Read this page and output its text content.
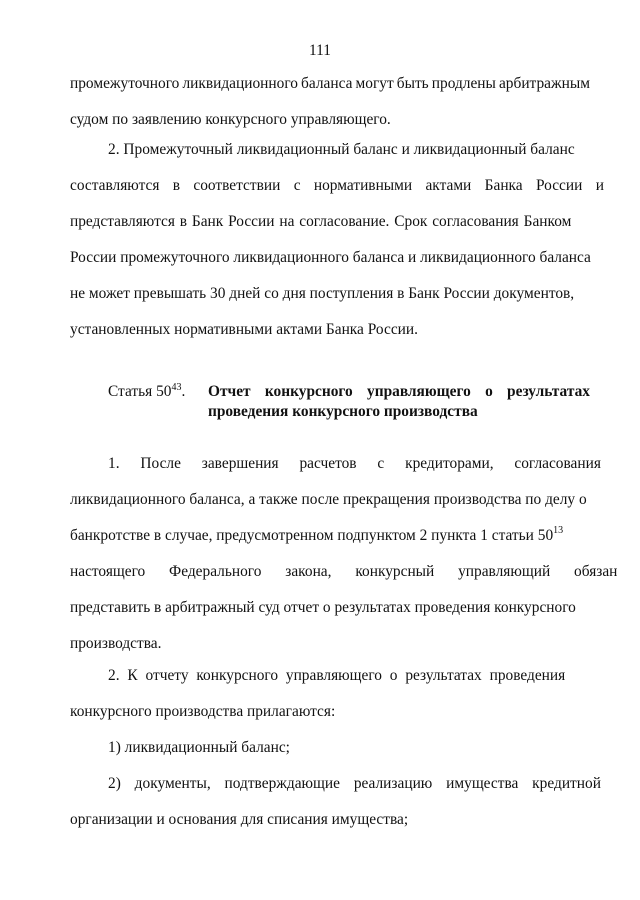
111
промежуточного ликвидационного баланса могут быть продлены арбитражным
судом по заявлению конкурсного управляющего.
2. Промежуточный ликвидационный баланс и ликвидационный баланс
составляются в соответствии с нормативными актами Банка России и
представляются в Банк России на согласование. Срок согласования Банком
России промежуточного ликвидационного баланса и ликвидационного баланса
не может превышать 30 дней со дня поступления в Банк России документов,
установленных нормативными актами Банка России.
Статья $50^{43}$. Отчет конкурсного управляющего о результатах
проведения конкурсного производства
1. После завершения расчетов с кредиторами, согласования
ликвидационного баланса, а также после прекращения производства по делу о
банкротстве в случае, предусмотренном подпунктом 2 пункта 1 статьи 50$^{13}$
настоящего Федерального закона, конкурсный управляющий обязан
представить в арбитражный суд отчет о результатах проведения конкурсного
производства.
2. К отчету конкурсного управляющего о результатах проведения
конкурсного производства прилагаются:
1) ликвидационный баланс;
2) документы, подтверждающие реализацию имущества кредитной
организации и основания для списания имущества;
